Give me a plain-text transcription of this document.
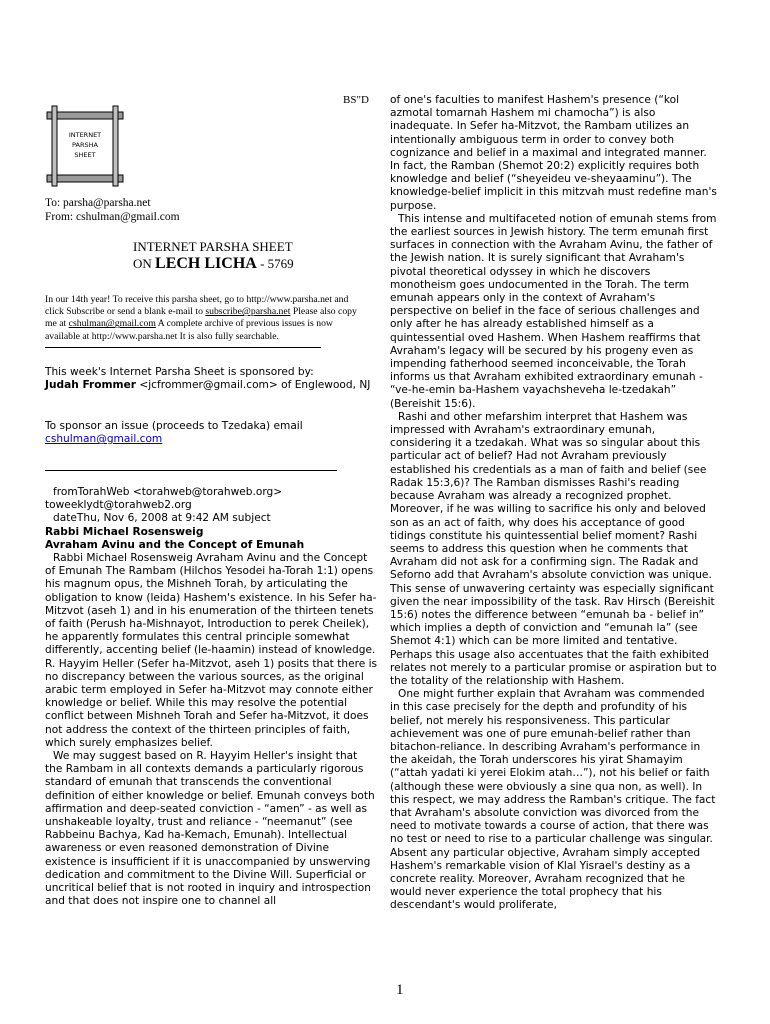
BS"D
INTERNET
PARSHA
SHEET
To: parsha@parsha.net
From: cshulman@gmail.com
INTERNET PARSHA SHEET
ON LECH LICHA - 5769
In our 14th year! To receive this parsha sheet, go to http://www.parsha.net and click Subscribe or send a blank e-mail to subscribe@parsha.net Please also copy me at cshulman@gmail.com A complete archive of previous issues is now available at http://www.parsha.net It is also fully searchable.
This week's Internet Parsha Sheet is sponsored by:
Judah Frommer <jcfrommer@gmail.com> of Englewood, NJ
To sponsor an issue (proceeds to Tzedaka) email
cshulman@gmail.com

fromTorahWeb <torahweb@torahweb.org>

toweeklydt@torahweb2.org

dateThu, Nov 6, 2008 at 9:42 AM subject

Rabbi Michael Rosensweig

Avraham Avinu and the Concept of Emunah

Rabbi Michael Rosensweig Avraham Avinu and the Concept of Emunah The Rambam (Hilchos Yesodei ha-Torah 1:1) opens his magnum opus, the Mishneh Torah, by articulating the obligation to know (leida) Hashem's existence. In his Sefer ha-Mitzvot (aseh 1) and in his enumeration of the thirteen tenets of faith (Perush ha-Mishnayot, Introduction to perek Cheilek), he apparently formulates this central principle somewhat differently, accenting belief (le-haamin) instead of knowledge. R. Hayyim Heller (Sefer ha-Mitzvot, aseh 1) posits that there is no discrepancy between the various sources, as the original arabic term employed in Sefer ha-Mitzvot may connote either knowledge or belief. While this may resolve the potential conflict between Mishneh Torah and Sefer ha-Mitzvot, it does not address the context of the thirteen principles of faith, which surely emphasizes belief.

We may suggest based on R. Hayyim Heller's insight that the Rambam in all contexts demands a particularly rigorous standard of emunah that transcends the conventional definition of either knowledge or belief. Emunah conveys both affirmation and deep-seated conviction - “amen” - as well as unshakeable loyalty, trust and reliance - “neemanut” (see Rabbeinu Bachya, Kad ha-Kemach, Emunah). Intellectual awareness or even reasoned demonstration of Divine existence is insufficient if it is unaccompanied by unswerving dedication and commitment to the Divine Will. Superficial or uncritical belief that is not rooted in inquiry and introspection and that does not inspire one to channel all

of one's faculties to manifest Hashem's presence (“kol azmotal tomarnah Hashem mi chamocha”) is also inadequate. In Sefer ha-Mitzvot, the Rambam utilizes an intentionally ambiguous term in order to convey both cognizance and belief in a maximal and integrated manner. In fact, the Ramban (Shemot 20:2) explicitly requires both knowledge and belief (“sheyeideu ve-sheyaaminu”). The knowledge-belief implicit in this mitzvah must redefine man's purpose.

This intense and multifaceted notion of emunah stems from the earliest sources in Jewish history. The term emunah first surfaces in connection with the Avraham Avinu, the father of the Jewish nation. It is surely significant that Avraham's pivotal theoretical odyssey in which he discovers monotheism goes undocumented in the Torah. The term emunah appears only in the context of Avraham's perspective on belief in the face of serious challenges and only after he has already established himself as a quintessential oved Hashem. When Hashem reaffirms that Avraham's legacy will be secured by his progeny even as impending fatherhood seemed inconceivable, the Torah informs us that Avraham exhibited extraordinary emunah - “ve-he-emin ba-Hashem vayachsheveha le-tzedakah” (Bereishit 15:6).

Rashi and other mefarshim interpret that Hashem was impressed with Avraham's extraordinary emunah, considering it a tzedakah. What was so singular about this particular act of belief? Had not Avraham previously established his credentials as a man of faith and belief (see Radak 15:3,6)? The Ramban dismisses Rashi's reading because Avraham was already a recognized prophet. Moreover, if he was willing to sacrifice his only and beloved son as an act of faith, why does his acceptance of good tidings constitute his quintessential belief moment? Rashi seems to address this question when he comments that Avraham did not ask for a confirming sign. The Radak and Seforno add that Avraham's absolute conviction was unique. This sense of unwavering certainty was especially significant given the near impossibility of the task. Rav Hirsch (Bereishit 15:6) notes the difference between “emunah ba - belief in” which implies a depth of conviction and “emunah la” (see Shemot 4:1) which can be more limited and tentative. Perhaps this usage also accentuates that the faith exhibited relates not merely to a particular promise or aspiration but to the totality of the relationship with Hashem.

One might further explain that Avraham was commended in this case precisely for the depth and profundity of his belief, not merely his responsiveness. This particular achievement was one of pure emunah-belief rather than bitachon-reliance. In describing Avraham's performance in the akeidah, the Torah underscores his yirat Shamayim (“attah yadati ki yerei Elokim atah…”), not his belief or faith (although these were obviously a sine qua non, as well). In this respect, we may address the Ramban's critique. The fact that Avraham's absolute conviction was divorced from the need to motivate towards a course of action, that there was no test or need to rise to a particular challenge was singular. Absent any particular objective, Avraham simply accepted Hashem's remarkable vision of Klal Yisrael's destiny as a concrete reality. Moreover, Avraham recognized that he would never experience the total prophecy that his descendant's would proliferate,

1
